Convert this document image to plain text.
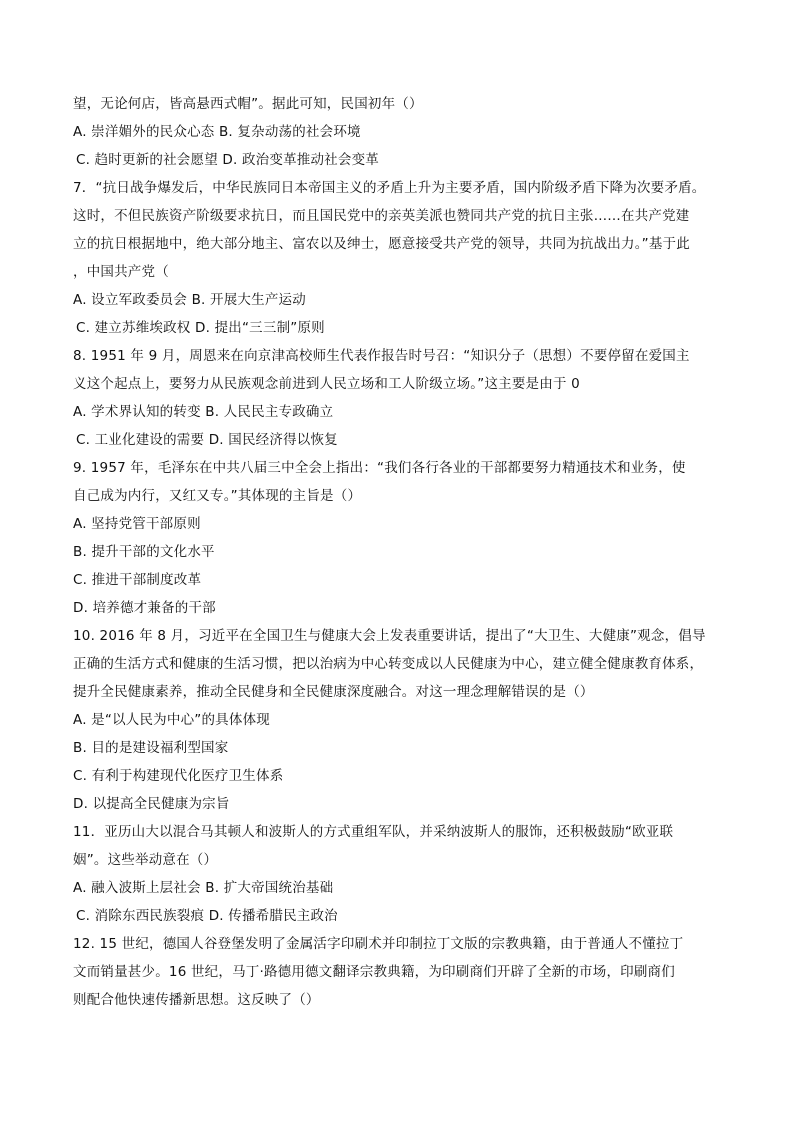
望，无论何店，皆高悬西式帽”。据此可知，民国初年（）
A. 崇洋媚外的民众心态 B. 复杂动荡的社会环境
C. 趋时更新的社会愿望 D. 政治变革推动社会变革
7．“抗日战争爆发后，中华民族同日本帝国主义的矛盾上升为主要矛盾，国内阶级矛盾下降为次要矛盾。
这时，不但民族资产阶级要求抗日，而且国民党中的亲英美派也赞同共产党的抗日主张……在共产党建
立的抗日根据地中，绝大部分地主、富农以及绅士，愿意接受共产党的领导，共同为抗战出力。”基于此
，中国共产党（
A. 设立军政委员会 B. 开展大生产运动
C. 建立苏维埃政权 D. 提出“三三制”原则
8. 1951 年 9 月，周恩来在向京津高校师生代表作报告时号召：“知识分子（思想）不要停留在爱国主
义这个起点上，要努力从民族观念前进到人民立场和工人阶级立场。”这主要是由于 0
A. 学术界认知的转变 B. 人民民主专政确立
C. 工业化建设的需要 D. 国民经济得以恢复
9. 1957 年，毛泽东在中共八届三中全会上指出：“我们各行各业的干部都要努力精通技术和业务，使
自己成为内行，又红又专。”其体现的主旨是（）
A. 坚持党管干部原则
B. 提升干部的文化水平
C. 推进干部制度改革
D. 培养德才兼备的干部
10. 2016 年 8 月，习近平在全国卫生与健康大会上发表重要讲话，提出了“大卫生、大健康”观念，倡导
正确的生活方式和健康的生活习惯，把以治病为中心转变成以人民健康为中心，建立健全健康教育体系，
提升全民健康素养，推动全民健身和全民健康深度融合。对这一理念理解错误的是（）
A. 是“以人民为中心”的具体体现
B. 目的是建设福利型国家
C. 有利于构建现代化医疗卫生体系
D. 以提高全民健康为宗旨
11．亚历山大以混合马其顿人和波斯人的方式重组军队，并采纳波斯人的服饰，还积极鼓励“欧亚联
姻”。这些举动意在（）
A. 融入波斯上层社会 B. 扩大帝国统治基础
C. 消除东西民族裂痕 D. 传播希腊民主政治
12. 15 世纪，德国人谷登堡发明了金属活字印刷术并印制拉丁文版的宗教典籍，由于普通人不懂拉丁
文而销量甚少。16 世纪，马丁·路德用德文翻译宗教典籍，为印刷商们开辟了全新的市场，印刷商们
则配合他快速传播新思想。这反映了（）
